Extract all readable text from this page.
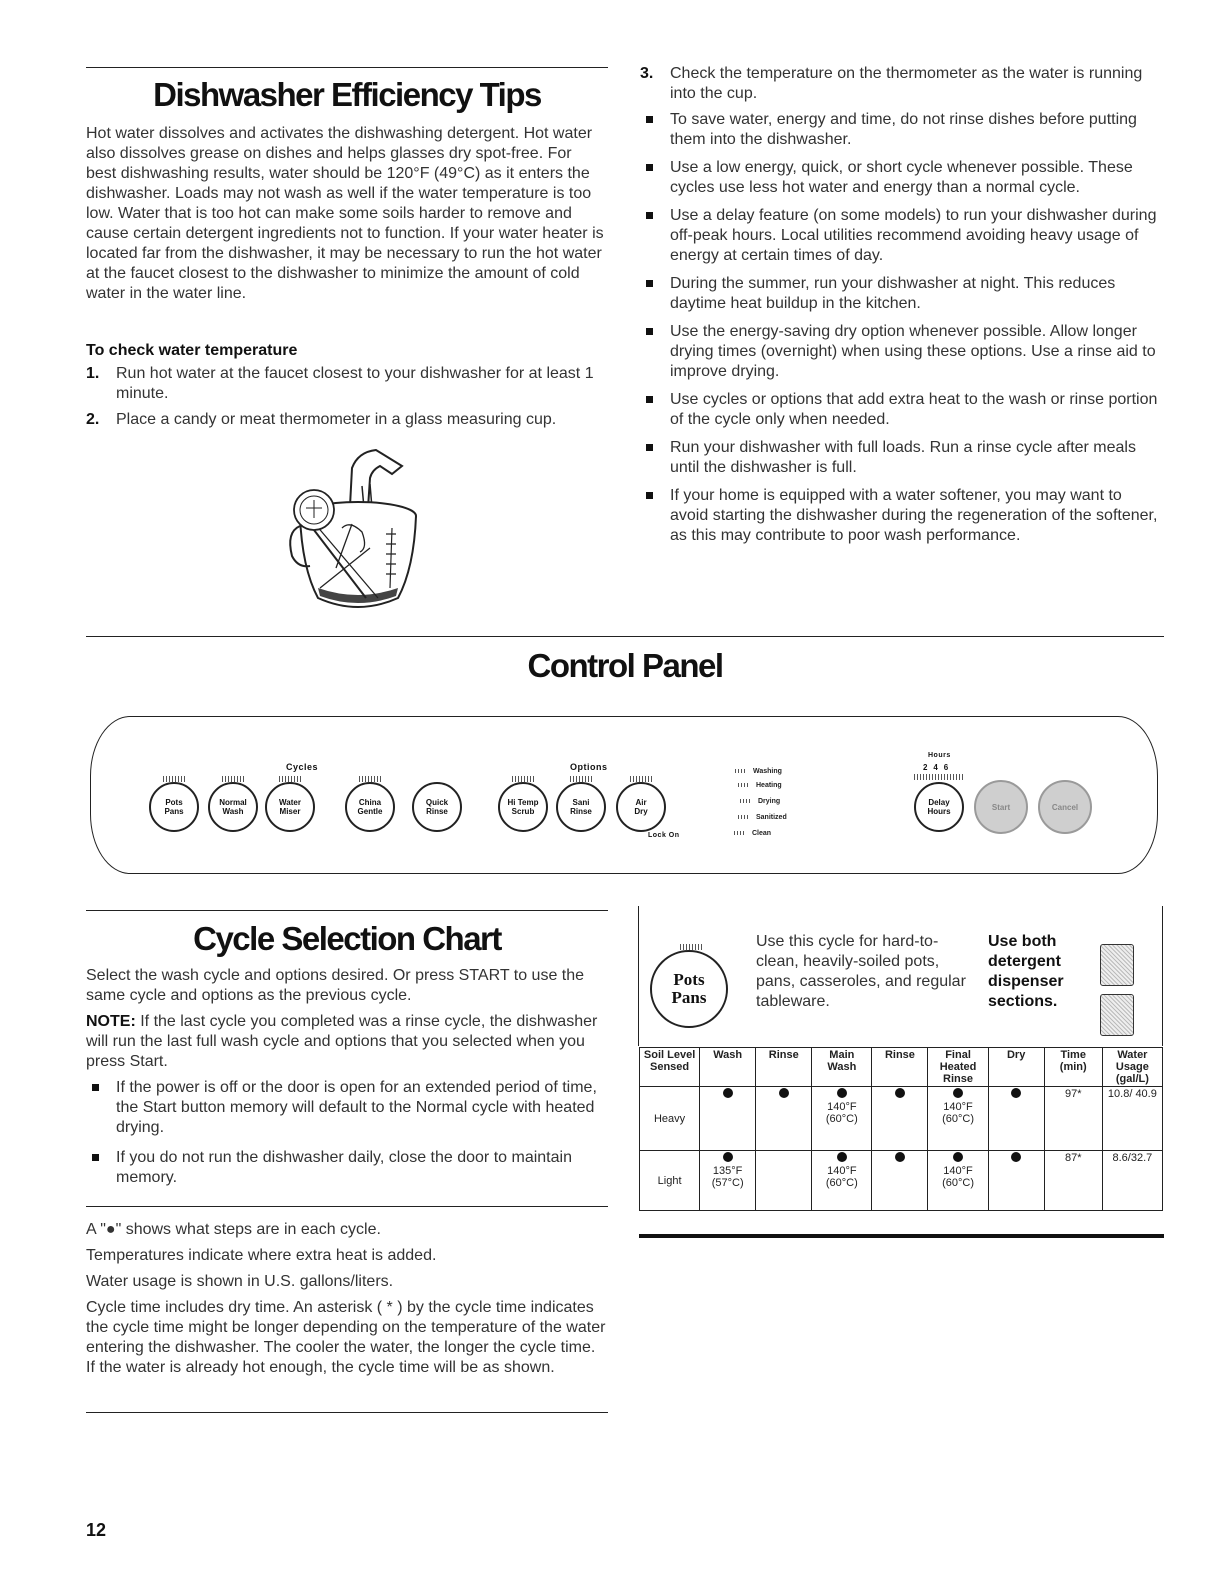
Dishwasher Efficiency Tips
Hot water dissolves and activates the dishwashing detergent. Hot water also dissolves grease on dishes and helps glasses dry spot-free. For best dishwashing results, water should be 120°F (49°C) as it enters the dishwasher. Loads may not wash as well if the water temperature is too low. Water that is too hot can make some soils harder to remove and cause certain detergent ingredients not to function. If your water heater is located far from the dishwasher, it may be necessary to run the hot water at the faucet closest to the dishwasher to minimize the amount of cold water in the water line.
To check water temperature
1. Run hot water at the faucet closest to your dishwasher for at least 1 minute.
2. Place a candy or meat thermometer in a glass measuring cup.
3. Check the temperature on the thermometer as the water is running into the cup.
To save water, energy and time, do not rinse dishes before putting them into the dishwasher.
Use a low energy, quick, or short cycle whenever possible. These cycles use less hot water and energy than a normal cycle.
Use a delay feature (on some models) to run your dishwasher during off-peak hours. Local utilities recommend avoiding heavy usage of energy at certain times of day.
During the summer, run your dishwasher at night. This reduces daytime heat buildup in the kitchen.
Use the energy-saving dry option whenever possible. Allow longer drying times (overnight) when using these options. Use a rinse aid to improve drying.
Use cycles or options that add extra heat to the wash or rinse portion of the cycle only when needed.
Run your dishwasher with full loads. Run a rinse cycle after meals until the dishwasher is full.
If your home is equipped with a water softener, you may want to avoid starting the dishwasher during the regeneration of the softener, as this may contribute to poor wash performance.
Control Panel
Cycles	Options
Hours
2  4  6
Pots
Pans
Normal
Wash
Water
Miser
China
Gentle
Quick
Rinse
Hi Temp
Scrub
Sani
Rinse
Air
Dry
Lock On
Washing
Heating
Drying
Sanitized
Clean
Delay
Hours	Start	Cancel
Cycle Selection Chart
Select the wash cycle and options desired. Or press START to use the same cycle and options as the previous cycle.
NOTE: If the last cycle you completed was a rinse cycle, the dishwasher will run the last full wash cycle and options that you selected when you press Start.
If the power is off or the door is open for an extended period of time, the Start button memory will default to the Normal cycle with heated drying.
If you do not run the dishwasher daily, close the door to maintain memory.
A "●" shows what steps are in each cycle.
Temperatures indicate where extra heat is added.
Water usage is shown in U.S. gallons/liters.
Cycle time includes dry time. An asterisk ( * ) by the cycle time indicates the cycle time might be longer depending on the temperature of the water entering the dishwasher. The cooler the water, the longer the cycle time. If the water is already hot enough, the cycle time will be as shown.
Pots
Pans
Use this cycle for hard-to-clean, heavily-soiled pots, pans, casseroles, and regular tableware.
Use both detergent dispenser sections.
Soil Level Sensed	Wash	Rinse	Main Wash	Rinse	Final Heated Rinse	Dry	Time (min)	Water Usage (gal/L)
Heavy			140°F (60°C)		140°F (60°C)		97*	10.8/ 40.9
Light	135°F (57°C)		140°F (60°C)		140°F (60°C)		87*	8.6/32.7
12
